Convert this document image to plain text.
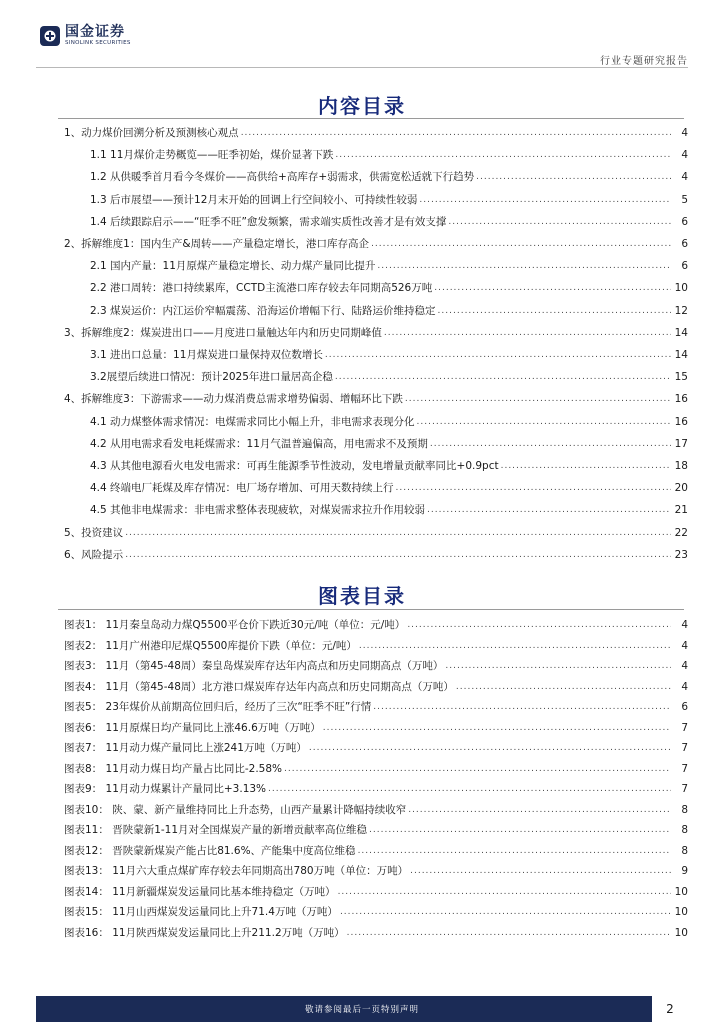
国金证券
SINOLINK SECURITIES
行业专题研究报告
内容目录
1、动力煤价回溯分析及预测核心观点 .....	4
1.1 11月煤价走势概览——旺季初始，煤价显著下跌 .....	4
1.2 从供暖季首月看今冬煤价——高供给+高库存+弱需求，供需宽松适就下行趋势 .....	4
1.3 后市展望——预计12月末开始的回调上行空间较小、可持续性较弱 .....	5
1.4 后续跟踪启示——“旺季不旺”愈发频繁，需求端实质性改善才是有效支撑 .....	6
2、拆解维度1：国内生产&周转——产量稳定增长，港口库存高企 .....	6
2.1 国内产量：11月原煤产量稳定增长、动力煤产量同比提升 .....	6
2.2 港口周转：港口持续累库，CCTD主流港口库存较去年同期高526万吨 .....	10
2.3 煤炭运价：内江运价窄幅震荡、沿海运价增幅下行、陆路运价维持稳定 .....	12
3、拆解维度2：煤炭进出口——月度进口量触达年内和历史同期峰值 .....	14
3.1 进出口总量：11月煤炭进口量保持双位数增长 .....	14
3.2展望后续进口情况：预计2025年进口量居高企稳 .....	15
4、拆解维度3：下游需求——动力煤消费总需求增势偏弱、增幅环比下跌 .....	16
4.1 动力煤整体需求情况：电煤需求同比小幅上升，非电需求表现分化 .....	16
4.2 从用电需求看发电耗煤需求：11月气温普遍偏高，用电需求不及预期 .....	17
4.3 从其他电源看火电发电需求：可再生能源季节性波动，发电增量贡献率同比+0.9pct .....	18
4.4 终端电厂耗煤及库存情况：电厂场存增加、可用天数持续上行 .....	20
4.5 其他非电煤需求：非电需求整体表现疲软，对煤炭需求拉升作用较弱 .....	21
5、投资建议 .....	22
6、风险提示 .....	23
图表目录
图表1： 11月秦皇岛动力煤Q5500平仓价下跌近30元/吨（单位：元/吨） .....	4
图表2： 11月广州港印尼煤Q5500库提价下跌（单位：元/吨） .....	4
图表3： 11月（第45-48周）秦皇岛煤炭库存达年内高点和历史同期高点（万吨） .....	4
图表4： 11月（第45-48周）北方港口煤炭库存达年内高点和历史同期高点（万吨） .....	4
图表5： 23年煤价从前期高位回归后，经历了三次“旺季不旺”行情 .....	6
图表6： 11月原煤日均产量同比上涨46.6万吨（万吨） .....	7
图表7： 11月动力煤产量同比上涨241万吨（万吨） .....	7
图表8： 11月动力煤日均产量占比同比-2.58% .....	7
图表9： 11月动力煤累计产量同比+3.13% .....	7
图表10： 陕、蒙、新产量维持同比上升态势，山西产量累计降幅持续收窄 .....	8
图表11： 晋陕蒙新1-11月对全国煤炭产量的新增贡献率高位维稳 .....	8
图表12： 晋陕蒙新煤炭产能占比81.6%、产能集中度高位维稳 .....	8
图表13： 11月六大重点煤矿库存较去年同期高出780万吨（单位：万吨） .....	9
图表14： 11月新疆煤炭发运量同比基本维持稳定（万吨） .....	10
图表15： 11月山西煤炭发运量同比上升71.4万吨（万吨） .....	10
图表16： 11月陕西煤炭发运量同比上升211.2万吨（万吨） .....	10
敬请参阅最后一页特别声明	2
